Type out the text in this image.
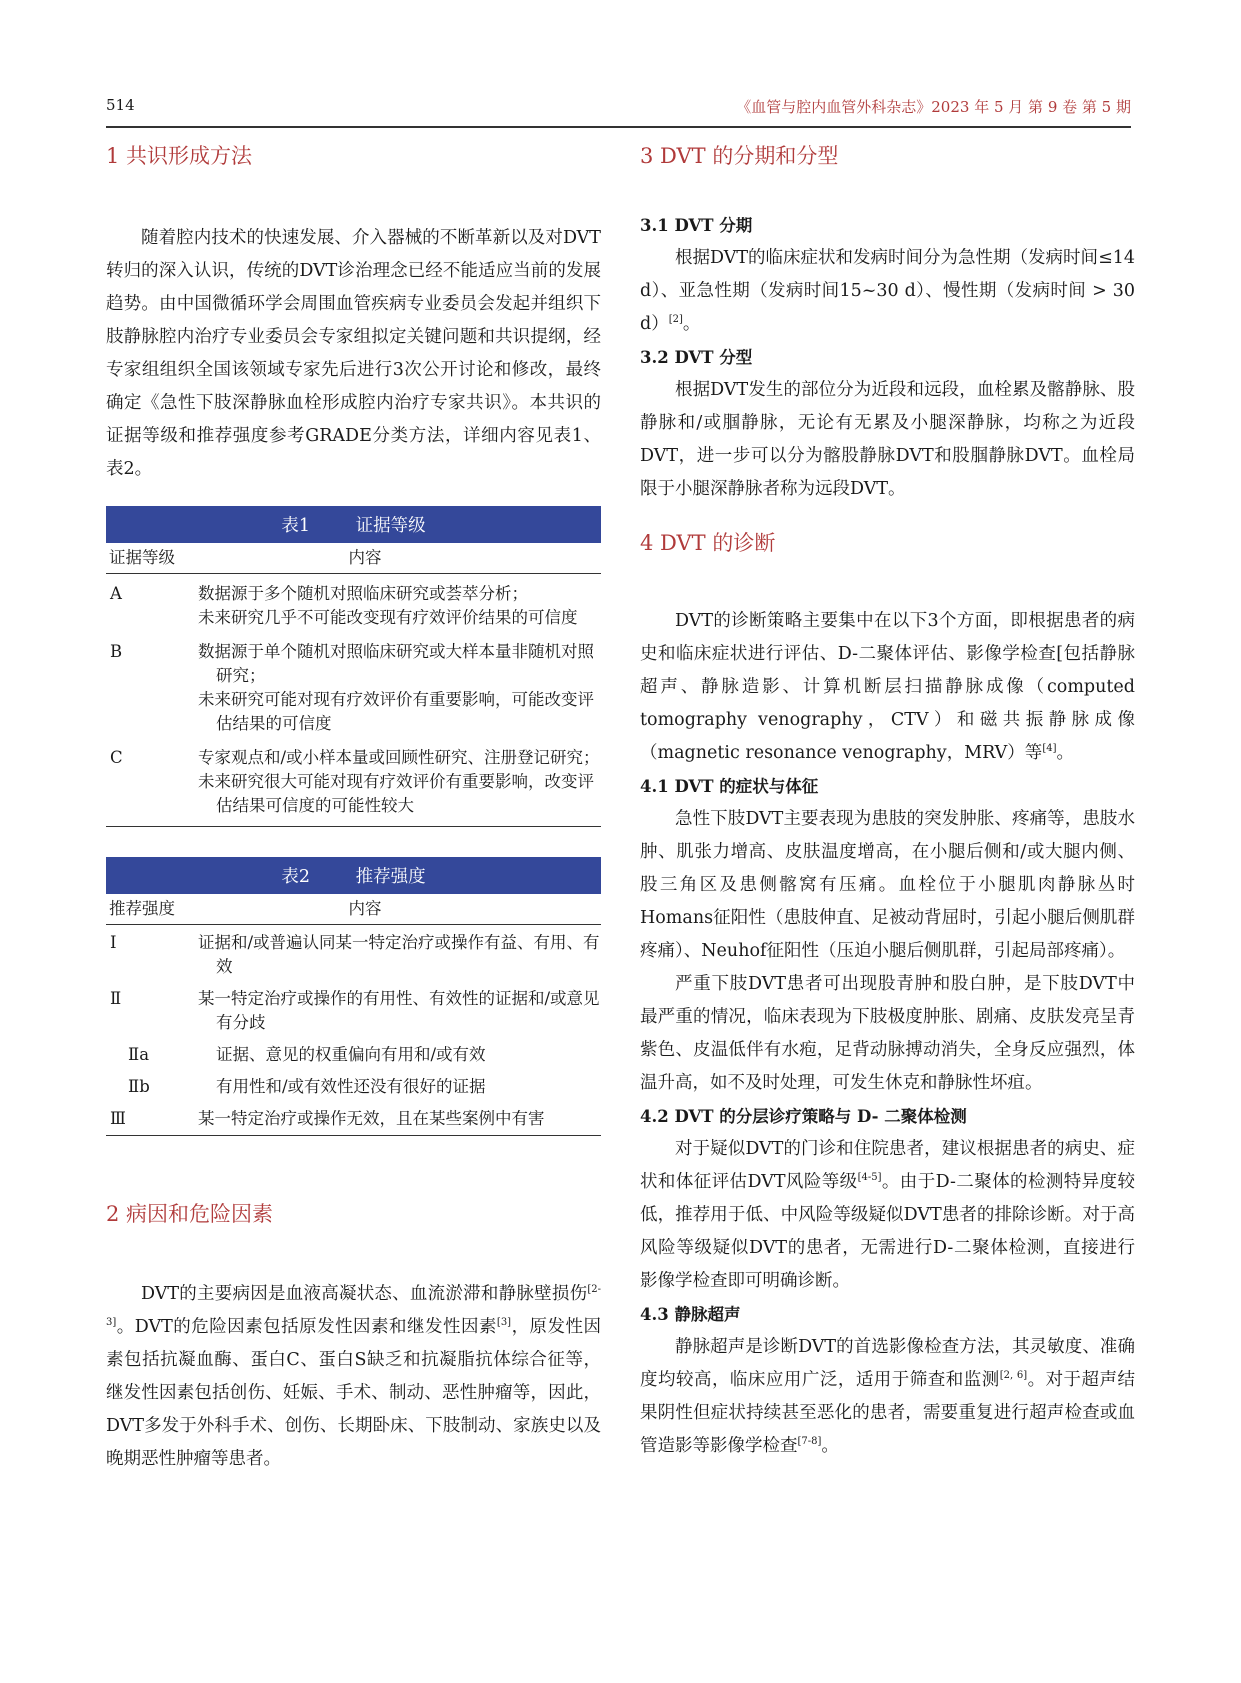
514	《血管与腔内血管外科杂志》2023 年 5 月 第 9 卷 第 5 期
1 共识形成方法

随着腔内技术的快速发展、介入器械的不断革新以及对DVT转归的深入认识，传统的DVT诊治理念已经不能适应当前的发展趋势。由中国微循环学会周围血管疾病专业委员会发起并组织下肢静脉腔内治疗专业委员会专家组拟定关键问题和共识提纲，经专家组组织全国该领域专家先后进行3次公开讨论和修改，最终确定《急性下肢深静脉血栓形成腔内治疗专家共识》。本共识的证据等级和推荐强度参考GRADE分类方法，详细内容见表1、表2。

表1	证据等级
证据等级	内容
A	数据源于多个随机对照临床研究或荟萃分析；
未来研究几乎不可能改变现有疗效评价结果的可信度
B	数据源于单个随机对照临床研究或大样本量非随机对照研究；
未来研究可能对现有疗效评价有重要影响，可能改变评估结果的可信度
C	专家观点和/或小样本量或回顾性研究、注册登记研究；
未来研究很大可能对现有疗效评价有重要影响，改变评估结果可信度的可能性较大
表2	推荐强度
推荐强度	内容
Ⅰ	证据和/或普遍认同某一特定治疗或操作有益、有用、有效
Ⅱ	某一特定治疗或操作的有用性、有效性的证据和/或意见有分歧
Ⅱa	证据、意见的权重偏向有用和/或有效
Ⅱb	有用性和/或有效性还没有很好的证据
Ⅲ	某一特定治疗或操作无效，且在某些案例中有害
2 病因和危险因素

DVT的主要病因是血液高凝状态、血流淤滞和静脉壁损伤[2-3]。DVT的危险因素包括原发性因素和继发性因素[3]，原发性因素包括抗凝血酶、蛋白C、蛋白S缺乏和抗凝脂抗体综合征等，继发性因素包括创伤、妊娠、手术、制动、恶性肿瘤等，因此，DVT多发于外科手术、创伤、长期卧床、下肢制动、家族史以及晚期恶性肿瘤等患者。

3 DVT 的分期和分型
3.1 DVT 分期

根据DVT的临床症状和发病时间分为急性期（发病时间≤14 d）、亚急性期（发病时间15~30 d）、慢性期（发病时间 > 30 d）[2]。

3.2 DVT 分型

根据DVT发生的部位分为近段和远段，血栓累及髂静脉、股静脉和/或腘静脉，无论有无累及小腿深静脉，均称之为近段DVT，进一步可以分为髂股静脉DVT和股腘静脉DVT。血栓局限于小腿深静脉者称为远段DVT。

4 DVT 的诊断

DVT的诊断策略主要集中在以下3个方面，即根据患者的病史和临床症状进行评估、D-二聚体评估、影像学检查[包括静脉超声、静脉造影、计算机断层扫描静脉成像（computed tomography venography，CTV）和磁共振静脉成像（magnetic resonance venography，MRV）等[4]。

4.1 DVT 的症状与体征

急性下肢DVT主要表现为患肢的突发肿胀、疼痛等，患肢水肿、肌张力增高、皮肤温度增高，在小腿后侧和/或大腿内侧、股三角区及患侧髂窝有压痛。血栓位于小腿肌肉静脉丛时Homans征阳性（患肢伸直、足被动背屈时，引起小腿后侧肌群疼痛）、Neuhof征阳性（压迫小腿后侧肌群，引起局部疼痛）。

严重下肢DVT患者可出现股青肿和股白肿，是下肢DVT中最严重的情况，临床表现为下肢极度肿胀、剧痛、皮肤发亮呈青紫色、皮温低伴有水疱，足背动脉搏动消失，全身反应强烈，体温升高，如不及时处理，可发生休克和静脉性坏疽。

4.2 DVT 的分层诊疗策略与 D- 二聚体检测

对于疑似DVT的门诊和住院患者，建议根据患者的病史、症状和体征评估DVT风险等级[4-5]。由于D-二聚体的检测特异度较低，推荐用于低、中风险等级疑似DVT患者的排除诊断。对于高风险等级疑似DVT的患者，无需进行D-二聚体检测，直接进行影像学检查即可明确诊断。

4.3 静脉超声

静脉超声是诊断DVT的首选影像检查方法，其灵敏度、准确度均较高，临床应用广泛，适用于筛查和监测[2, 6]。对于超声结果阴性但症状持续甚至恶化的患者，需要重复进行超声检查或血管造影等影像学检查[7-8]。
